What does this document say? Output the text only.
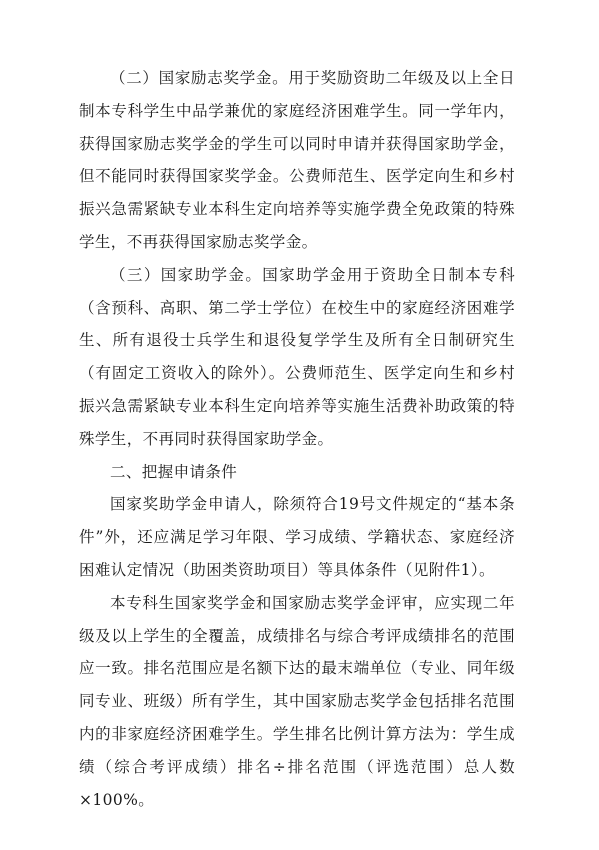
（二）国家励志奖学金。用于奖励资助二年级及以上全日制本专科学生中品学兼优的家庭经济困难学生。同一学年内，获得国家励志奖学金的学生可以同时申请并获得国家助学金，但不能同时获得国家奖学金。公费师范生、医学定向生和乡村振兴急需紧缺专业本科生定向培养等实施学费全免政策的特殊学生，不再获得国家励志奖学金。

（三）国家助学金。国家助学金用于资助全日制本专科（含预科、高职、第二学士学位）在校生中的家庭经济困难学生、所有退役士兵学生和退役复学学生及所有全日制研究生（有固定工资收入的除外）。公费师范生、医学定向生和乡村振兴急需紧缺专业本科生定向培养等实施生活费补助政策的特殊学生，不再同时获得国家助学金。

二、把握申请条件

国家奖助学金申请人，除须符合19号文件规定的“基本条件”外，还应满足学习年限、学习成绩、学籍状态、家庭经济困难认定情况（助困类资助项目）等具体条件（见附件1）。

本专科生国家奖学金和国家励志奖学金评审，应实现二年级及以上学生的全覆盖，成绩排名与综合考评成绩排名的范围应一致。排名范围应是名额下达的最末端单位（专业、同年级同专业、班级）所有学生，其中国家励志奖学金包括排名范围内的非家庭经济困难学生。学生排名比例计算方法为：学生成绩（综合考评成绩）排名÷排名范围（评选范围）总人数×100%。
